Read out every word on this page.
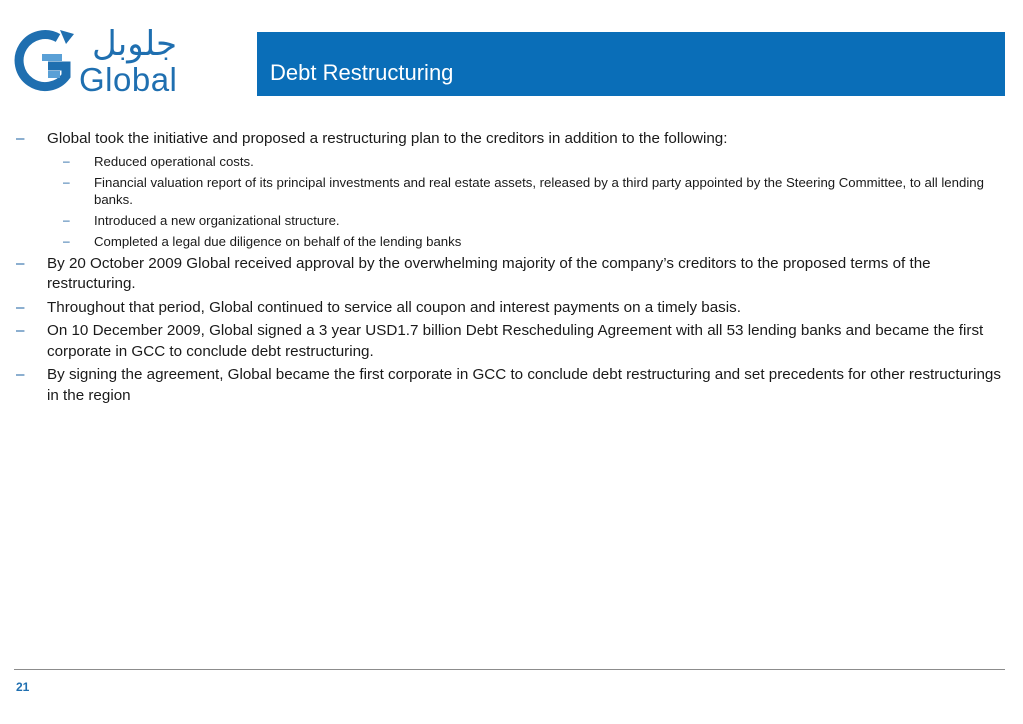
جلوبل
Global	Debt Restructuring
– Global took the initiative and proposed a restructuring plan to the creditors in addition to the following:
– Reduced operational costs.
– Financial valuation report of its principal investments and real estate assets, released by a third party appointed by the Steering Committee, to all lending banks.
– Introduced a new organizational structure.
– Completed a legal due diligence on behalf of the lending banks
– By 20 October 2009 Global received approval by the overwhelming majority of the company’s creditors to the proposed terms of the restructuring.
– Throughout that period, Global continued to service all coupon and interest payments on a timely basis.
– On 10 December 2009, Global signed a 3 year USD1.7 billion Debt Rescheduling Agreement with all 53 lending banks and became the first corporate in GCC to conclude debt restructuring.
– By signing the agreement, Global became the first corporate in GCC to conclude debt restructuring and set precedents for other restructurings in the region
21
